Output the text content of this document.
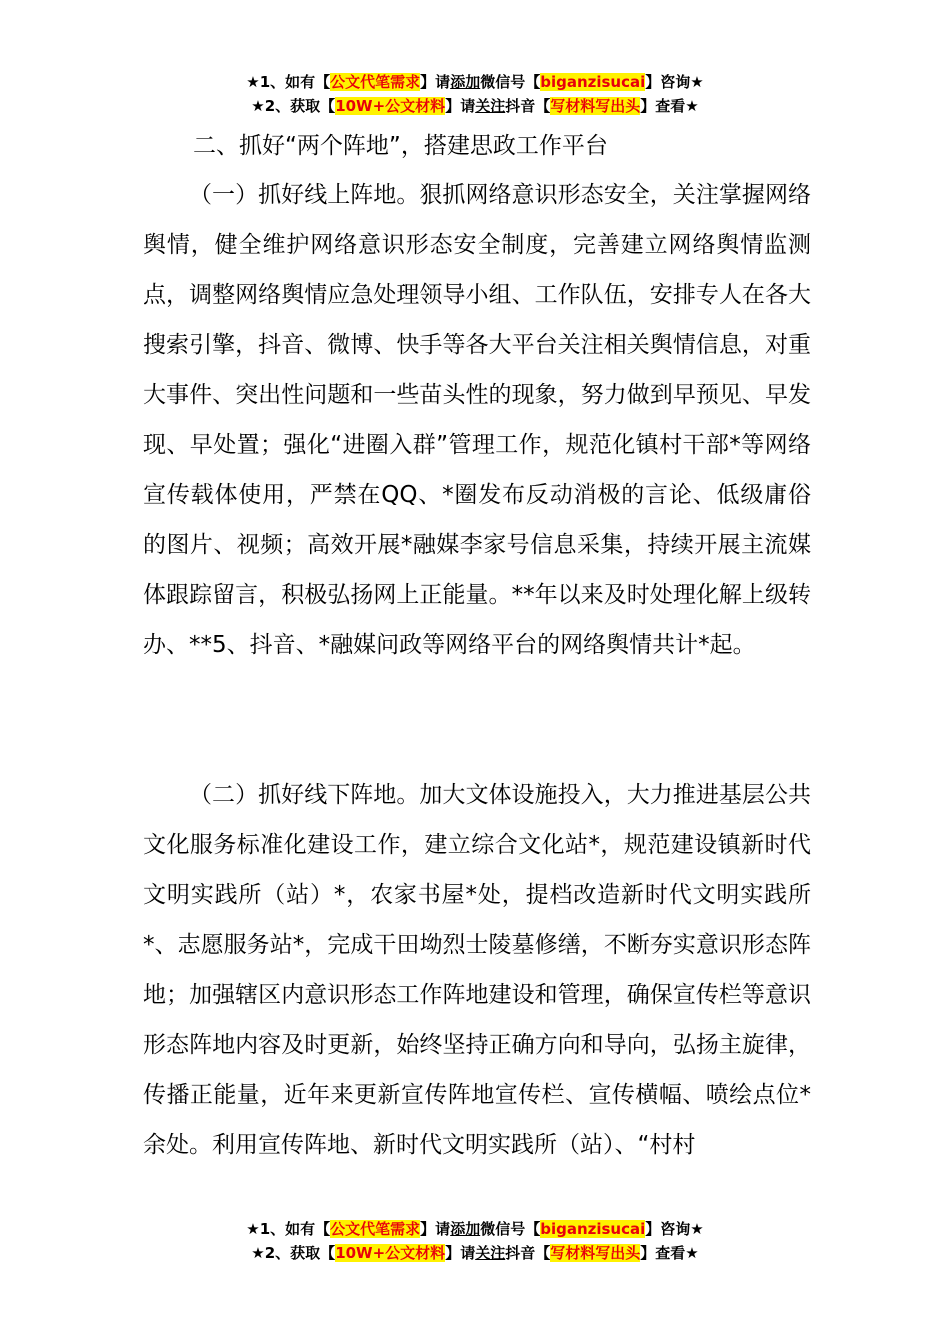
★1、如有【公文代笔需求】请添加微信号【biganzisucai】咨询★
★2、获取【10W+公文材料】请关注抖音【写材料写出头】查看★
二、抓好“两个阵地”，搭建思政工作平台

（一）抓好线上阵地。狠抓网络意识形态安全，关注掌握网络舆情，健全维护网络意识形态安全制度，完善建立网络舆情监测点，调整网络舆情应急处理领导小组、工作队伍，安排专人在各大搜索引擎，抖音、微博、快手等各大平台关注相关舆情信息，对重大事件、突出性问题和一些苗头性的现象，努力做到早预见、早发现、早处置；强化“进圈入群”管理工作，规范化镇村干部*等网络宣传载体使用，严禁在QQ、*圈发布反动消极的言论、低级庸俗的图片、视频；高效开展*融媒李家号信息采集，持续开展主流媒体跟踪留言，积极弘扬网上正能量。**年以来及时处理化解上级转办、**5、抖音、*融媒问政等网络平台的网络舆情共计*起。

（二）抓好线下阵地。加大文体设施投入，大力推进基层公共文化服务标准化建设工作，建立综合文化站*，规范建设镇新时代文明实践所（站）*，农家书屋*处，提档改造新时代文明实践所*、志愿服务站*，完成干田坳烈士陵墓修缮，不断夯实意识形态阵地；加强辖区内意识形态工作阵地建设和管理，确保宣传栏等意识形态阵地内容及时更新，始终坚持正确方向和导向，弘扬主旋律，传播正能量，近年来更新宣传阵地宣传栏、宣传横幅、喷绘点位*余处。利用宣传阵地、新时代文明实践所（站）、“村村

★1、如有【公文代笔需求】请添加微信号【biganzisucai】咨询★
★2、获取【10W+公文材料】请关注抖音【写材料写出头】查看★
